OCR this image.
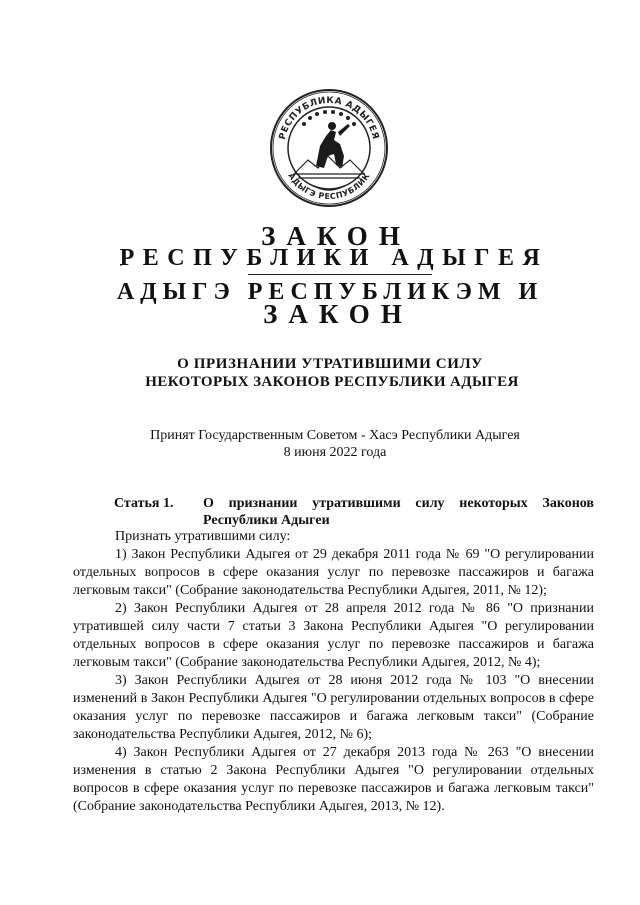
РЕСПУБЛИКА АДЫГЕЯ
АДЫГЭ РЕСПУБЛИК
ЗАКОН
РЕСПУБЛИКИ АДЫГЕЯ
АДЫГЭ РЕСПУБЛИКЭМ И
ЗАКОН
О ПРИЗНАНИИ УТРАТИВШИМИ СИЛУ
НЕКОТОРЫХ ЗАКОНОВ РЕСПУБЛИКИ АДЫГЕЯ
Принят Государственным Советом - Хасэ Республики Адыгея
8 июня 2022 года
Статья 1. О признании утратившими силу некоторых Законов Республики Адыгеи

Признать утратившими силу:

1) Закон Республики Адыгея от 29 декабря 2011 года № 69 "О регулировании отдельных вопросов в сфере оказания услуг по перевозке пассажиров и багажа легковым такси" (Собрание законодательства Республики Адыгея, 2011, № 12);

2) Закон Республики Адыгея от 28 апреля 2012 года № 86 "О признании утратившей силу части 7 статьи 3 Закона Республики Адыгея "О регулировании отдельных вопросов в сфере оказания услуг по перевозке пассажиров и багажа легковым такси" (Собрание законодательства Республики Адыгея, 2012, № 4);

3) Закон Республики Адыгея от 28 июня 2012 года № 103 "О внесении изменений в Закон Республики Адыгея "О регулировании отдельных вопросов в сфере оказания услуг по перевозке пассажиров и багажа легковым такси" (Собрание законодательства Республики Адыгея, 2012, № 6);

4) Закон Республики Адыгея от 27 декабря 2013 года № 263 "О внесении изменения в статью 2 Закона Республики Адыгея "О регулировании отдельных вопросов в сфере оказания услуг по перевозке пассажиров и багажа легковым такси" (Собрание законодательства Республики Адыгея, 2013, № 12).
